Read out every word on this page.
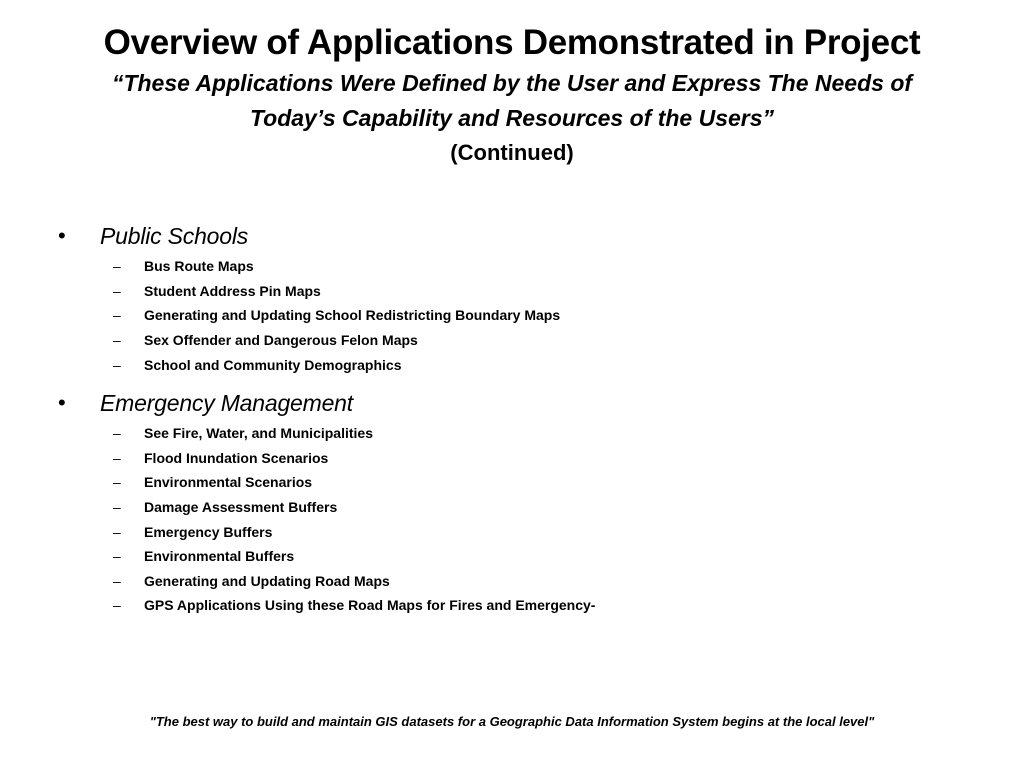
Overview of Applications Demonstrated in Project
“These Applications Were Defined by the User and Express The Needs of
Today’s Capability and Resources of the Users”
(Continued)
•	Public Schools
–	Bus Route Maps
–	Student Address Pin Maps
–	Generating and Updating School Redistricting Boundary Maps
–	Sex Offender and Dangerous Felon Maps
–	School and Community Demographics
•	Emergency Management
–	See Fire, Water, and Municipalities
–	Flood Inundation Scenarios
–	Environmental Scenarios
–	Damage Assessment Buffers
–	Emergency Buffers
–	Environmental Buffers
–	Generating and Updating Road Maps
–	GPS Applications Using these Road Maps for Fires and Emergency-
"The best way to build and maintain GIS datasets for a Geographic Data Information System begins at the local level"
